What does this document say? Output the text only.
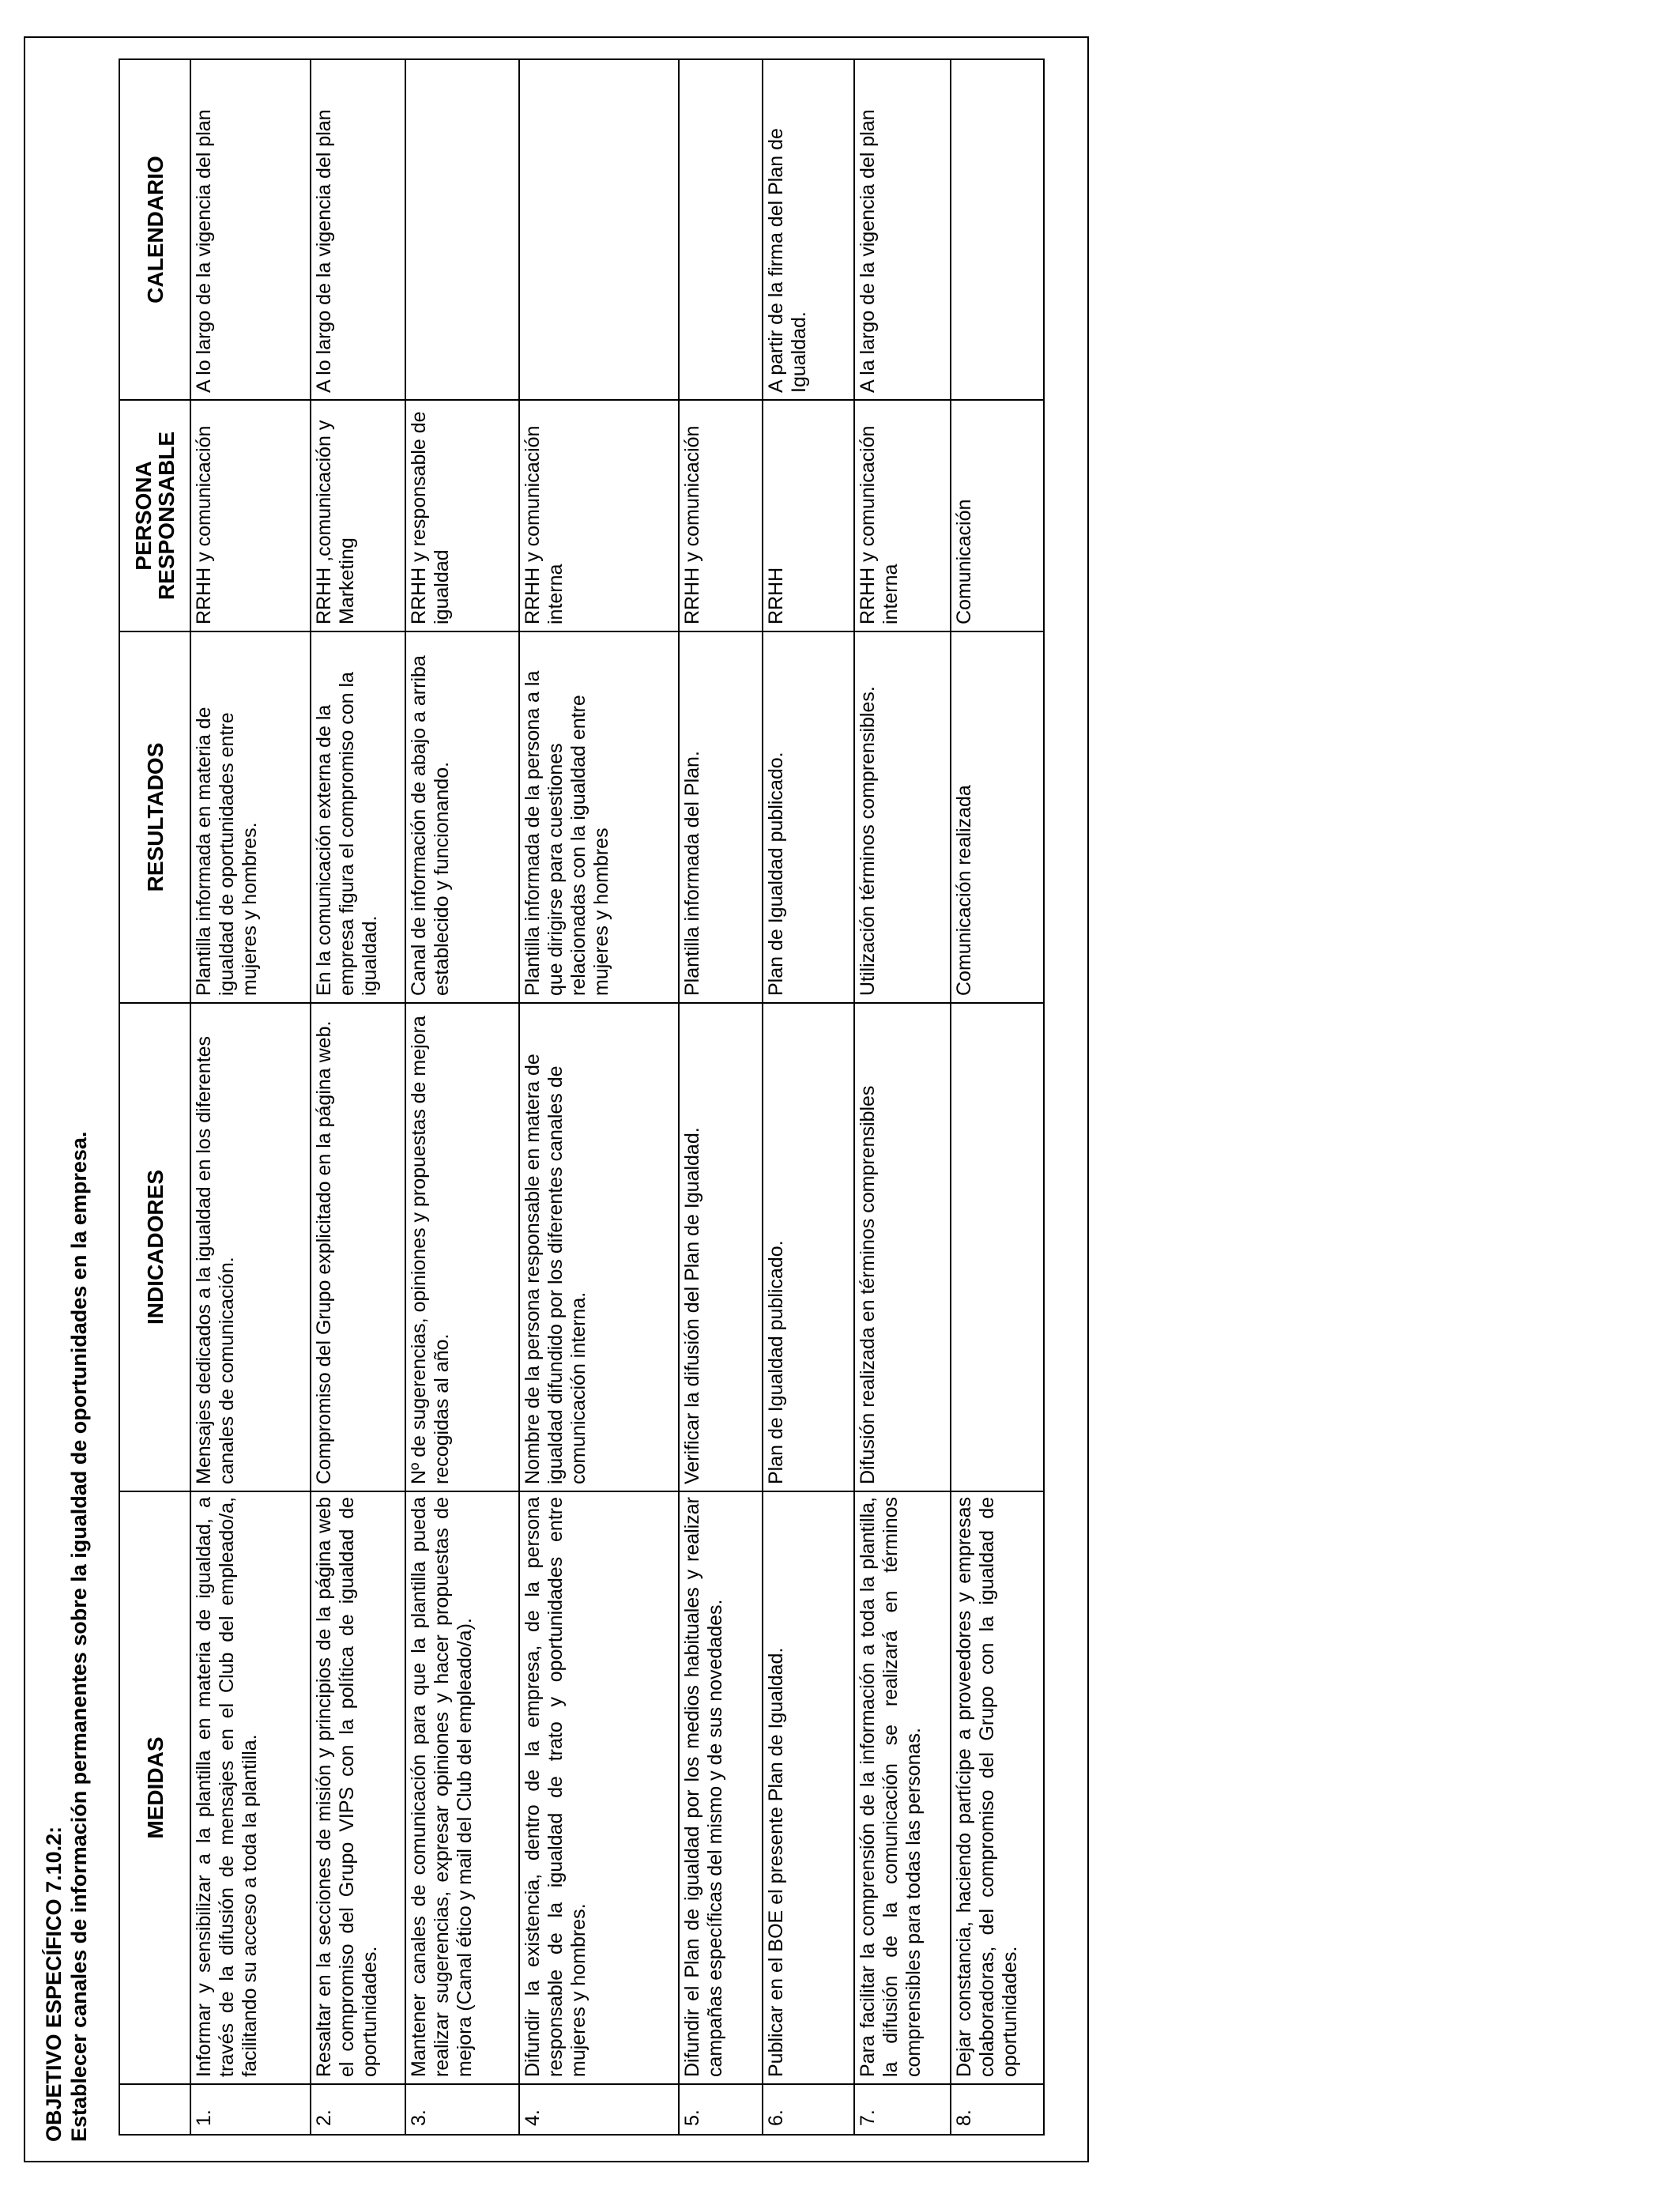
OBJETIVO ESPECÍFICO 7.10.2: Establecer canales de información permanentes sobre la igualdad de oportunidades en la empresa.
	MEDIDAS	INDICADORES	RESULTADOS	PERSONA RESPONSABLE	CALENDARIO
1.	Informar y sensibilizar a la plantilla en materia de igualdad, a través de la difusión de mensajes en el Club del empleado/a, facilitando su acceso a toda la plantilla.	Mensajes dedicados a la igualdad en los diferentes canales de comunicación.	Plantilla informada en materia de igualdad de oportunidades entre mujeres y hombres.	RRHH y comunicación	A lo largo de la vigencia del plan
2.	Resaltar en la secciones de misión y principios de la página web el compromiso del Grupo VIPS con la política de igualdad de oportunidades.	Compromiso del Grupo explicitado en la página web.	En la comunicación externa de la empresa figura el compromiso con la igualdad.	RRHH ,comunicación y Marketing	A lo largo de la vigencia del plan
3.	Mantener canales de comunicación para que la plantilla pueda realizar sugerencias, expresar opiniones y hacer propuestas de mejora (Canal ético y mail del Club del empleado/a).	Nº de sugerencias, opiniones y propuestas de mejora recogidas al año.	Canal de información de abajo a arriba establecido y funcionando.	RRHH y responsable de igualdad	
4.	Difundir la existencia, dentro de la empresa, de la persona responsable de la igualdad de trato y oportunidades entre mujeres y hombres.	Nombre de la persona responsable en matera de igualdad difundido por los diferentes canales de comunicación interna.	Plantilla informada de la persona a la que dirigirse para cuestiones relacionadas con la igualdad entre mujeres y hombres	RRHH y comunicación interna	
5.	Difundir el Plan de igualdad por los medios habituales y realizar campañas específicas del mismo y de sus novedades.	Verificar la difusión del Plan de Igualdad.	Plantilla informada del Plan.	RRHH y comunicación	
6.	Publicar en el BOE el presente Plan de Igualdad.	Plan de Igualdad publicado.	Plan de Igualdad publicado.	RRHH	A partir de la firma del Plan de Igualdad.
7.	Para facilitar la comprensión de la información a toda la plantilla, la difusión de la comunicación se realizará en términos comprensibles para todas las personas.	Difusión realizada en términos comprensibles	Utilización términos comprensibles.	RRHH y comunicación interna	A la largo de la vigencia del plan
8.	Dejar constancia, haciendo partícipe a proveedores y empresas colaboradoras, del compromiso del Grupo con la igualdad de oportunidades.		Comunicación realizada	Comunicación	
